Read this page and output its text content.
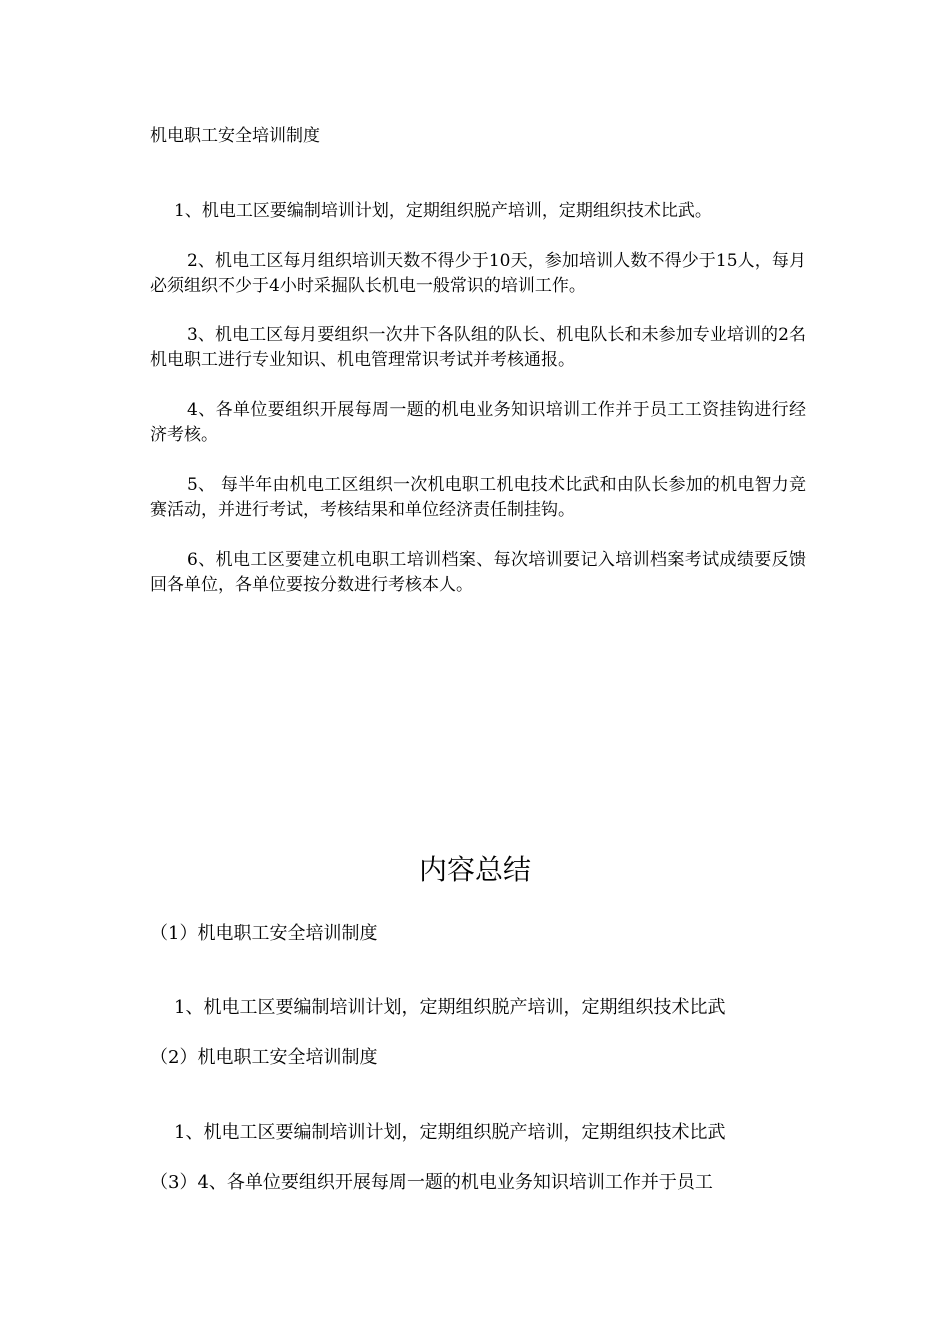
机电职工安全培训制度
1、机电工区要编制培训计划，定期组织脱产培训，定期组织技术比武。
2、机电工区每月组织培训天数不得少于10天，参加培训人数不得少于15人，每月必须组织不少于4小时采掘队长机电一般常识的培训工作。
3、机电工区每月要组织一次井下各队组的队长、机电队长和未参加专业培训的2名机电职工进行专业知识、机电管理常识考试并考核通报。
4、各单位要组织开展每周一题的机电业务知识培训工作并于员工工资挂钩进行经济考核。
5、 每半年由机电工区组织一次机电职工机电技术比武和由队长参加的机电智力竞赛活动，并进行考试，考核结果和单位经济责任制挂钩。
6、机电工区要建立机电职工培训档案、每次培训要记入培训档案考试成绩要反馈回各单位，各单位要按分数进行考核本人。
内容总结
（1）机电职工安全培训制度
1、机电工区要编制培训计划，定期组织脱产培训，定期组织技术比武
（2）机电职工安全培训制度
1、机电工区要编制培训计划，定期组织脱产培训，定期组织技术比武
（3）4、各单位要组织开展每周一题的机电业务知识培训工作并于员工
